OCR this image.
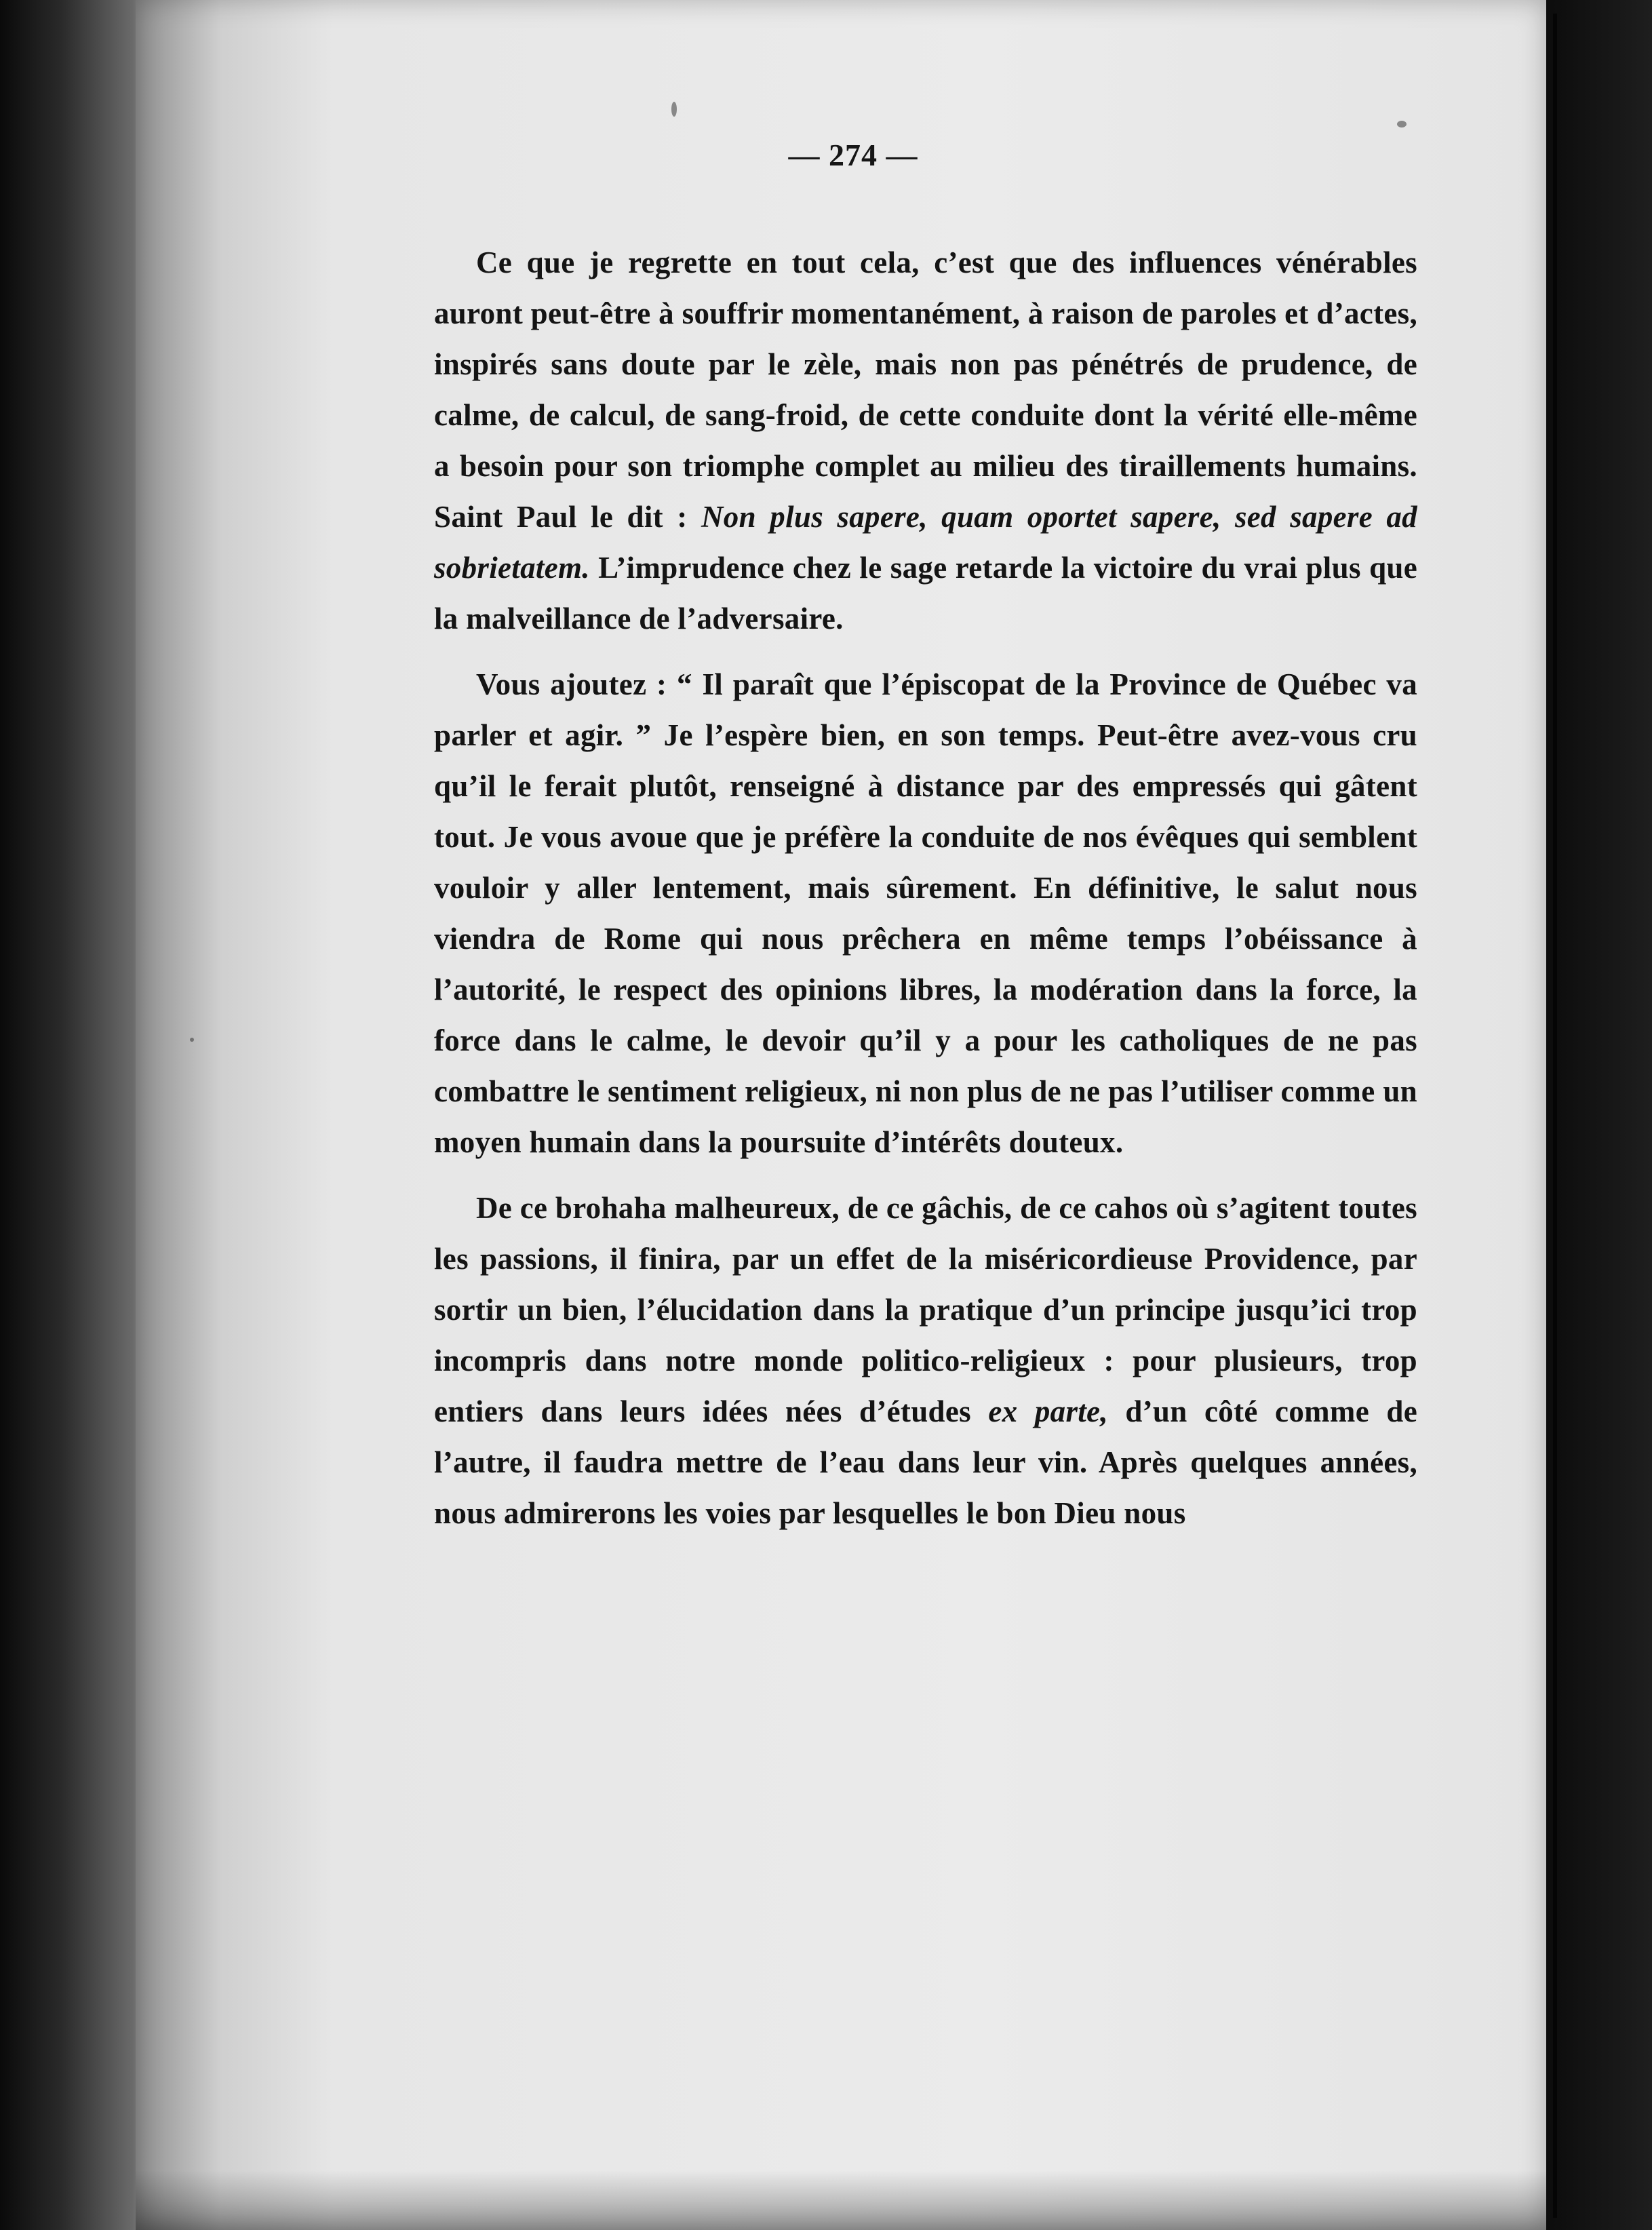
— 274 —

Ce que je regrette en tout cela, c’est que des influences vénérables auront peut-être à souffrir momentanément, à raison de paroles et d’actes, inspirés sans doute par le zèle, mais non pas pénétrés de prudence, de calme, de calcul, de sang-froid, de cette conduite dont la vérité elle-même a besoin pour son triomphe complet au milieu des tiraillements humains. Saint Paul le dit : Non plus sapere, quam oportet sapere, sed sapere ad sobrietatem. L’imprudence chez le sage retarde la victoire du vrai plus que la malveillance de l’adversaire.

Vous ajoutez : “ Il paraît que l’épiscopat de la Province de Québec va parler et agir. ” Je l’espère bien, en son temps. Peut-être avez-vous cru qu’il le ferait plutôt, renseigné à distance par des empressés qui gâtent tout. Je vous avoue que je préfère la conduite de nos évêques qui semblent vouloir y aller lentement, mais sûrement. En définitive, le salut nous viendra de Rome qui nous prêchera en même temps l’obéissance à l’autorité, le respect des opinions libres, la modération dans la force, la force dans le calme, le devoir qu’il y a pour les catholiques de ne pas combattre le sentiment religieux, ni non plus de ne pas l’utiliser comme un moyen humain dans la poursuite d’intérêts douteux.

De ce brohaha malheureux, de ce gâchis, de ce cahos où s’agitent toutes les passions, il finira, par un effet de la miséricordieuse Providence, par sortir un bien, l’élucidation dans la pratique d’un principe jusqu’ici trop incompris dans notre monde politico-religieux : pour plusieurs, trop entiers dans leurs idées nées d’études ex parte, d’un côté comme de l’autre, il faudra mettre de l’eau dans leur vin. Après quelques années, nous admirerons les voies par lesquelles le bon Dieu nous
